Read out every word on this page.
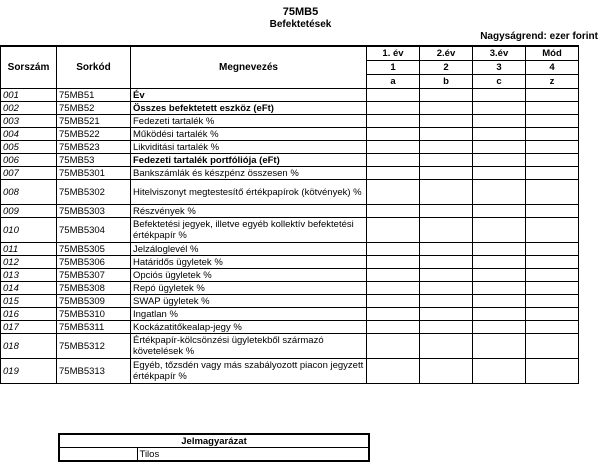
75MB5
Befektetések
Nagyságrend: ezer forint
Sorszám	Sorkód	Megnevezés	1. év	2.év	3.év	Mód
			1	2	3	4
			a	b	c	z
001	75MB51	Év				
002	75MB52	Összes befektetett eszköz (eFt)				
003	75MB521	Fedezeti tartalék %				
004	75MB522	Működési tartalék %				
005	75MB523	Likviditási tartalék %				
006	75MB53	Fedezeti tartalék portfóliója (eFt)				
007	75MB5301	Bankszámlák és készpénz összesen %				
008	75MB5302	Hitelviszonyt megtestesítő értékpapírok (kötvények) %				
009	75MB5303	Részvények %				
010	75MB5304	Befektetési jegyek, illetve egyéb kollektív befektetési értékpapír %				
011	75MB5305	Jelzáloglevél %				
012	75MB5306	Határidős ügyletek %				
013	75MB5307	Opciós ügyletek %				
014	75MB5308	Repó ügyletek %				
015	75MB5309	SWAP ügyletek %				
016	75MB5310	Ingatlan %				
017	75MB5311	Kockázatitőkealap-jegy %				
018	75MB5312	Értékpapír-kölcsönzési ügyletekből származó követelések %				
019	75MB5313	Egyéb, tőzsdén vagy más szabályozott piacon jegyzett értékpapír %				
Jelmagyarázat
	Tilos
